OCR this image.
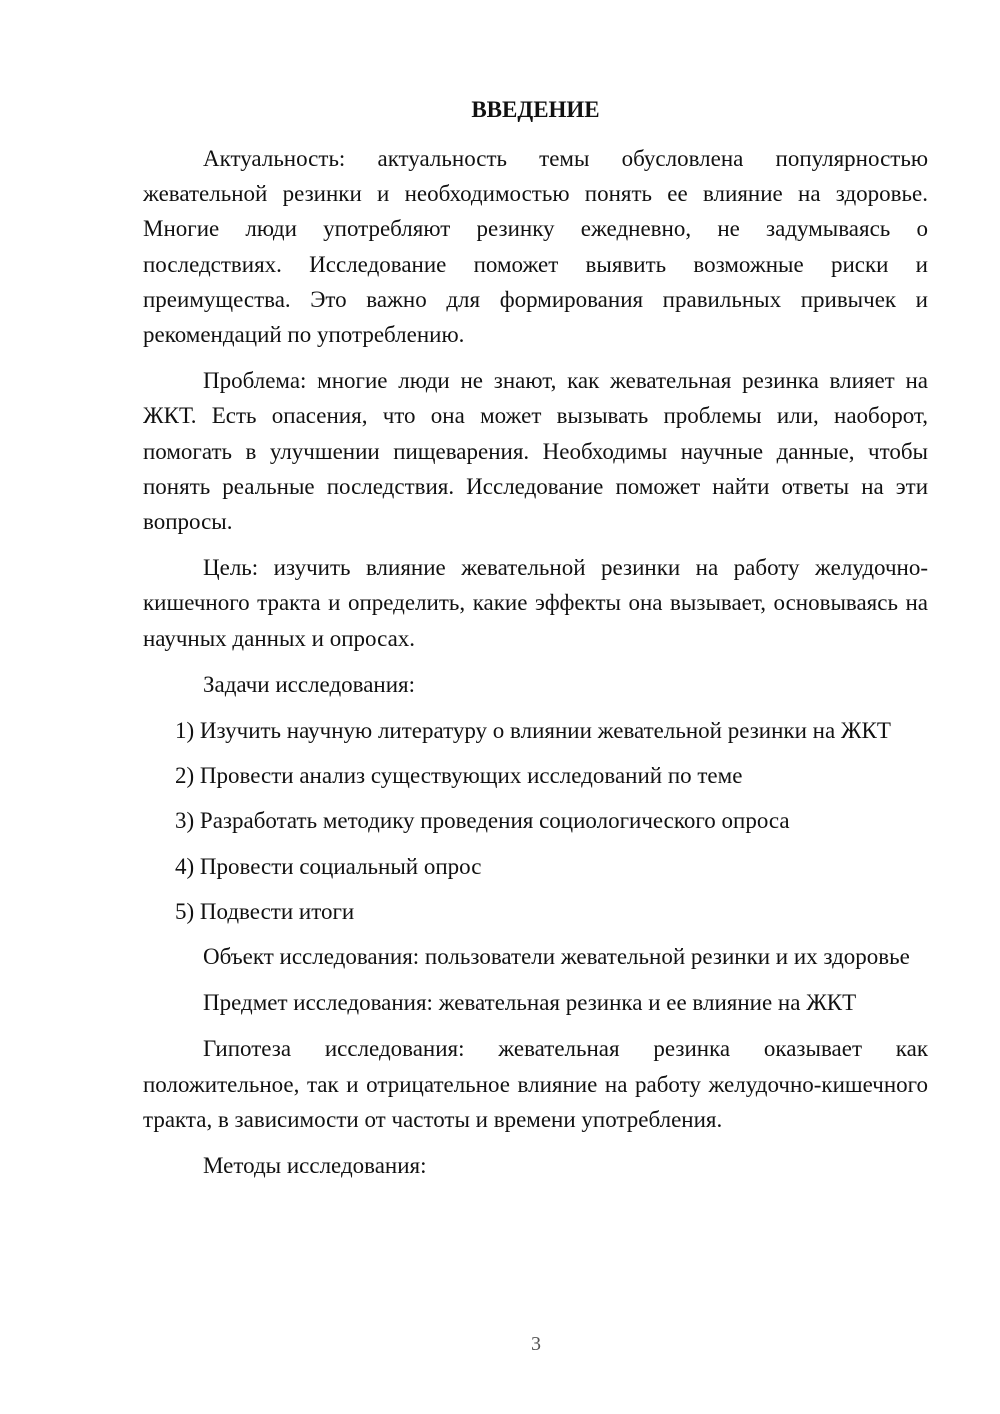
ВВЕДЕНИЕ

Актуальность: актуальность темы обусловлена популярностью жевательной резинки и необходимостью понять ее влияние на здоровье. Многие люди употребляют резинку ежедневно, не задумываясь о последствиях. Исследование поможет выявить возможные риски и преимущества. Это важно для формирования правильных привычек и рекомендаций по употреблению.

Проблема: многие люди не знают, как жевательная резинка влияет на ЖКТ. Есть опасения, что она может вызывать проблемы или, наоборот, помогать в улучшении пищеварения. Необходимы научные данные, чтобы понять реальные последствия. Исследование поможет найти ответы на эти вопросы.

Цель: изучить влияние жевательной резинки на работу желудочно-кишечного тракта и определить, какие эффекты она вызывает, основываясь на научных данных и опросах.

Задачи исследования:

1) Изучить научную литературу о влиянии жевательной резинки на ЖКТ

2) Провести анализ существующих исследований по теме

3) Разработать методику проведения социологического опроса

4) Провести социальный опрос

5) Подвести итоги

Объект исследования: пользователи жевательной резинки и их здоровье

Предмет исследования: жевательная резинка и ее влияние на ЖКТ

Гипотеза исследования: жевательная резинка оказывает как положительное, так и отрицательное влияние на работу желудочно-кишечного тракта, в зависимости от частоты и времени употребления.

Методы исследования:

3
